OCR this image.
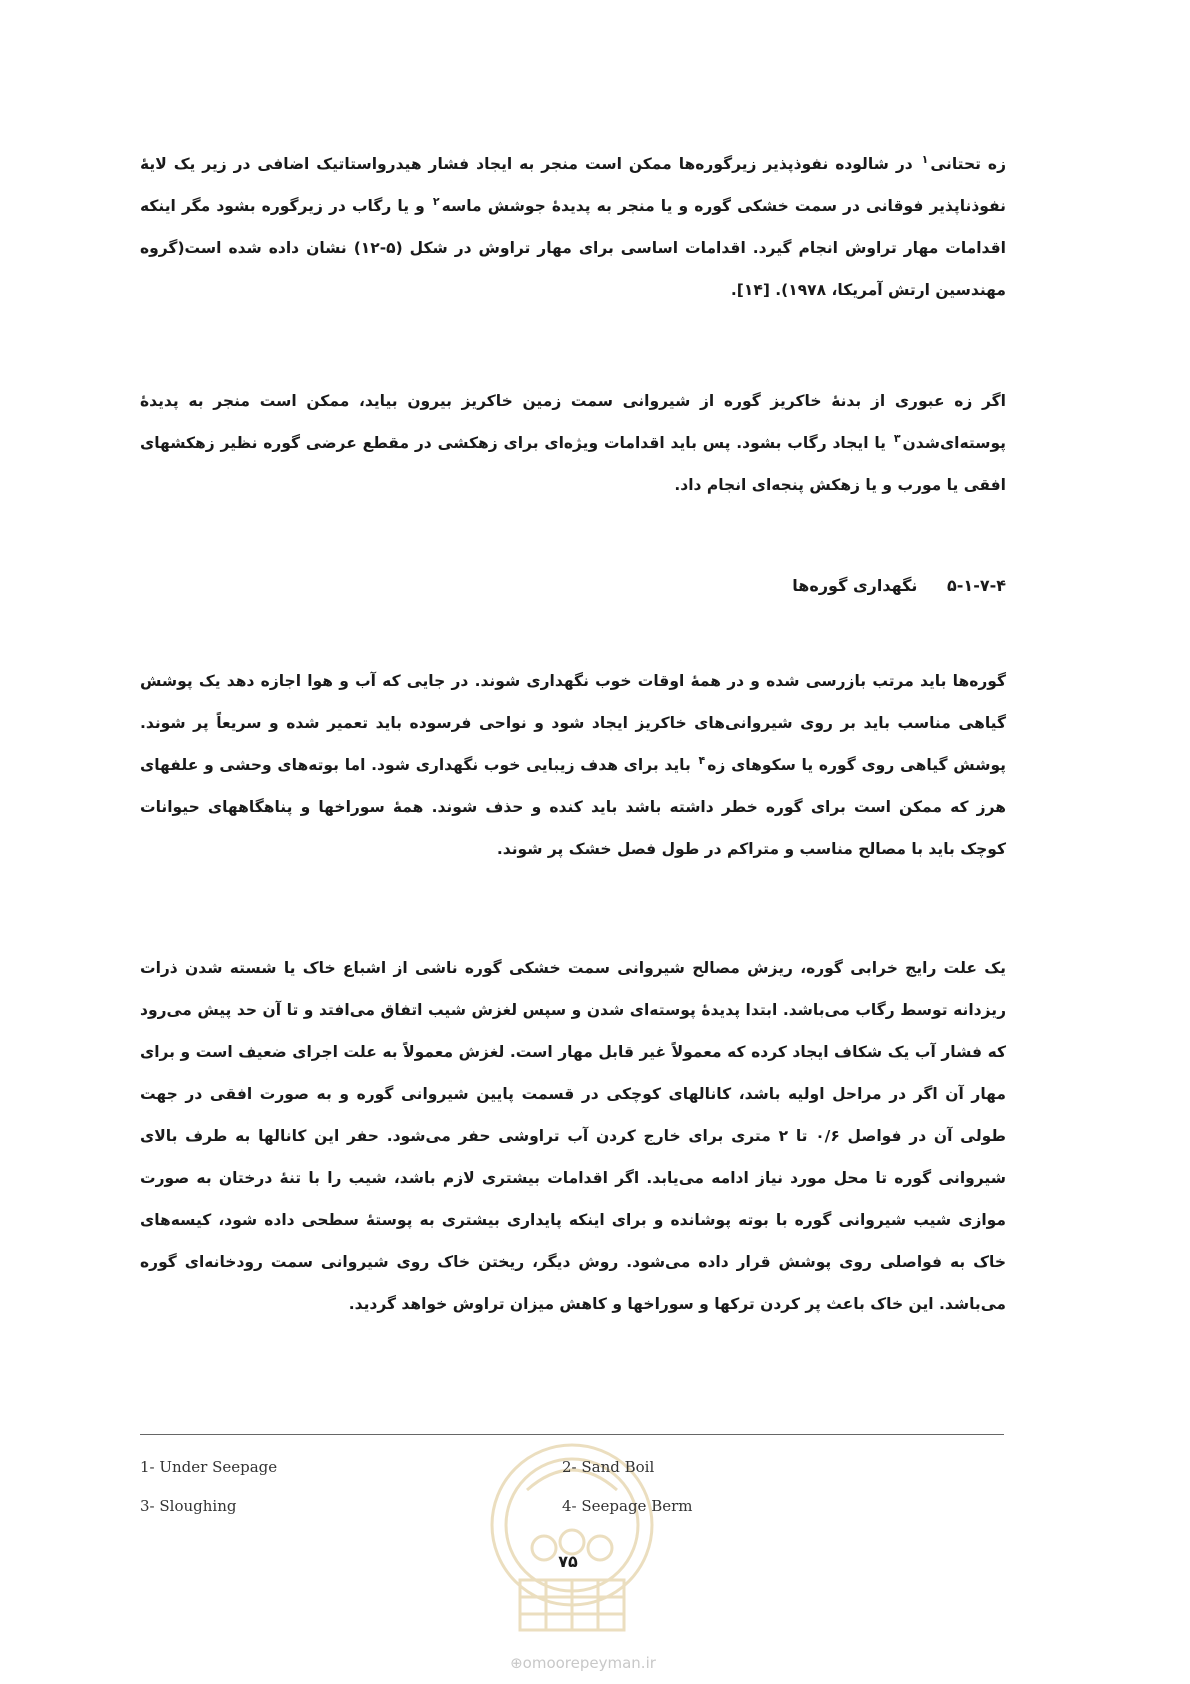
زه تحتانی$^۱$ در شالوده نفوذپذیر زیرگوره‌ها ممکن است منجر به ایجاد فشار هیدرواستاتیک اضافی در زیر یک لایهٔ نفوذناپذیر فوقانی در سمت خشکی گوره و یا منجر به پدیدهٔ جوشش ماسه$^۲$ و یا رگاب در زیرگوره بشود مگر اینکه اقدامات مهار تراوش انجام گیرد. اقدامات اساسی برای مهار تراوش در شکل (۵-۱۲) نشان داده شده است(گروه مهندسین ارتش آمریکا، ۱۹۷۸). [۱۴].

اگر زه عبوری از بدنهٔ خاکریز گوره از شیروانی سمت زمین خاکریز بیرون بیاید، ممکن است منجر به پدیدهٔ پوسته‌ای‌شدن$^۳$ یا ایجاد رگاب بشود. پس باید اقدامات ویژه‌ای برای زهکشی در مقطع عرضی گوره نظیر زهکشهای افقی یا مورب و یا زهکش پنجه‌ای انجام داد.

۵-۱-۷-۴ نگهداری گوره‌ها

گوره‌ها باید مرتب بازرسی شده و در همهٔ اوقات خوب نگهداری شوند. در جایی که آب و هوا اجازه دهد یک پوشش گیاهی مناسب باید بر روی شیروانی‌های خاکریز ایجاد شود و نواحی فرسوده باید تعمیر شده و سریعاً پر شوند. پوشش گیاهی روی گوره یا سکوهای زه$^۴$ باید برای هدف زیبایی خوب نگهداری شود. اما بوته‌های وحشی و علفهای هرز که ممکن است برای گوره خطر داشته باشد باید کنده و حذف شوند. همهٔ سوراخها و پناهگاههای حیوانات کوچک باید با مصالح مناسب و متراکم در طول فصل خشک پر شوند.

یک علت رایج خرابی گوره، ریزش مصالح شیروانی سمت خشکی گوره ناشی از اشباع خاک یا شسته شدن ذرات ریزدانه توسط رگاب می‌باشد. ابتدا پدیدهٔ پوسته‌ای شدن و سپس لغزش شیب اتفاق می‌افتد و تا آن حد پیش می‌رود که فشار آب یک شکاف ایجاد کرده که معمولاً غیر قابل مهار است. لغزش معمولاً به علت اجرای ضعیف است و برای مهار آن اگر در مراحل اولیه باشد، کانالهای کوچکی در قسمت پایین شیروانی گوره و به صورت افقی در جهت طولی آن در فواصل ۰/۶ تا ۲ متری برای خارج کردن آب تراوشی حفر می‌شود. حفر این کانالها به طرف بالای شیروانی گوره تا محل مورد نیاز ادامه می‌یابد. اگر اقدامات بیشتری لازم باشد، شیب را با تنهٔ درختان به صورت موازی شیب شیروانی گوره با بوته پوشانده و برای اینکه پایداری بیشتری به پوستهٔ سطحی داده شود، کیسه‌های خاک به فواصلی روی پوشش قرار داده می‌شود. روش دیگر، ریختن خاک روی شیروانی سمت رودخانه‌ای گوره می‌باشد. این خاک باعث پر کردن ترکها و سوراخها و کاهش میزان تراوش خواهد گردید.

1- Under Seepage	2- Sand Boil
3- Sloughing	4- Seepage Berm
۷۵
⊕omoorepeyman.ir
